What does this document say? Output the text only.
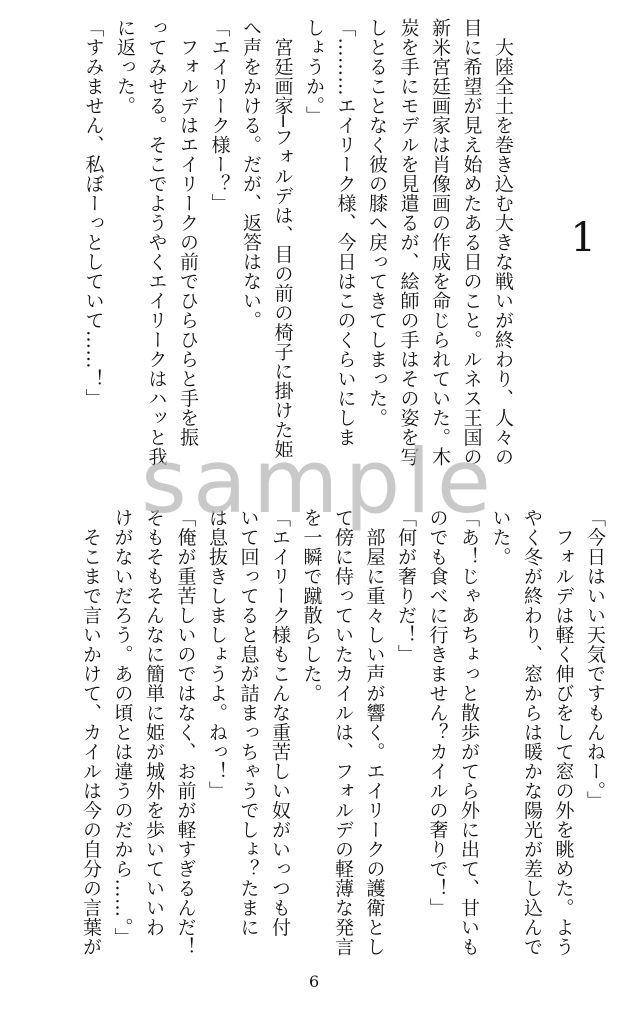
1
　大陸全土を巻き込む大きな戦いが終わり、人々の
目に希望が見え始めたある日のこと。ルネス王国の
新米宮廷画家は肖像画の作成を命じられていた。木
炭を手にモデルを見遣るが、絵師の手はその姿を写
しとることなく彼の膝へ戻ってきてしまった。
「………エイリーク様、今日はこのくらいにしま
しょうか。」
　宮廷画家─フォルデは、目の前の椅子に掛けた姫
へ声をかける。だが、返答はない。
「エイリーク様ー？」
　フォルデはエイリークの前でひらひらと手を振
ってみせる。そこでようやくエイリークはハッと我
に返った。
「すみません、私ぼーっとしていて……！」
「今日はいい天気ですもんねー。」
　フォルデは軽く伸びをして窓の外を眺めた。よう
やく冬が終わり、窓からは暖かな陽光が差し込んで
いた。
「あ！じゃあちょっと散歩がてら外に出て、甘いも
のでも食べに行きません？カイルの奢りで！」
「何が奢りだ！」
　部屋に重々しい声が響く。エイリークの護衛とし
て傍に侍っていたカイルは、フォルデの軽薄な発言
を一瞬で蹴散らした。
「エイリーク様もこんな重苦しい奴がいっつも付
いて回ってると息が詰まっちゃうでしょ？たまに
は息抜きしましょうよ。ねっ！」
「俺が重苦しいのではなく、お前が軽すぎるんだ！
そもそもそんなに簡単に姫が城外を歩いていいわ
けがないだろう。あの頃とは違うのだから……。」
　そこまで言いかけて、カイルは今の自分の言葉が
sample
6
